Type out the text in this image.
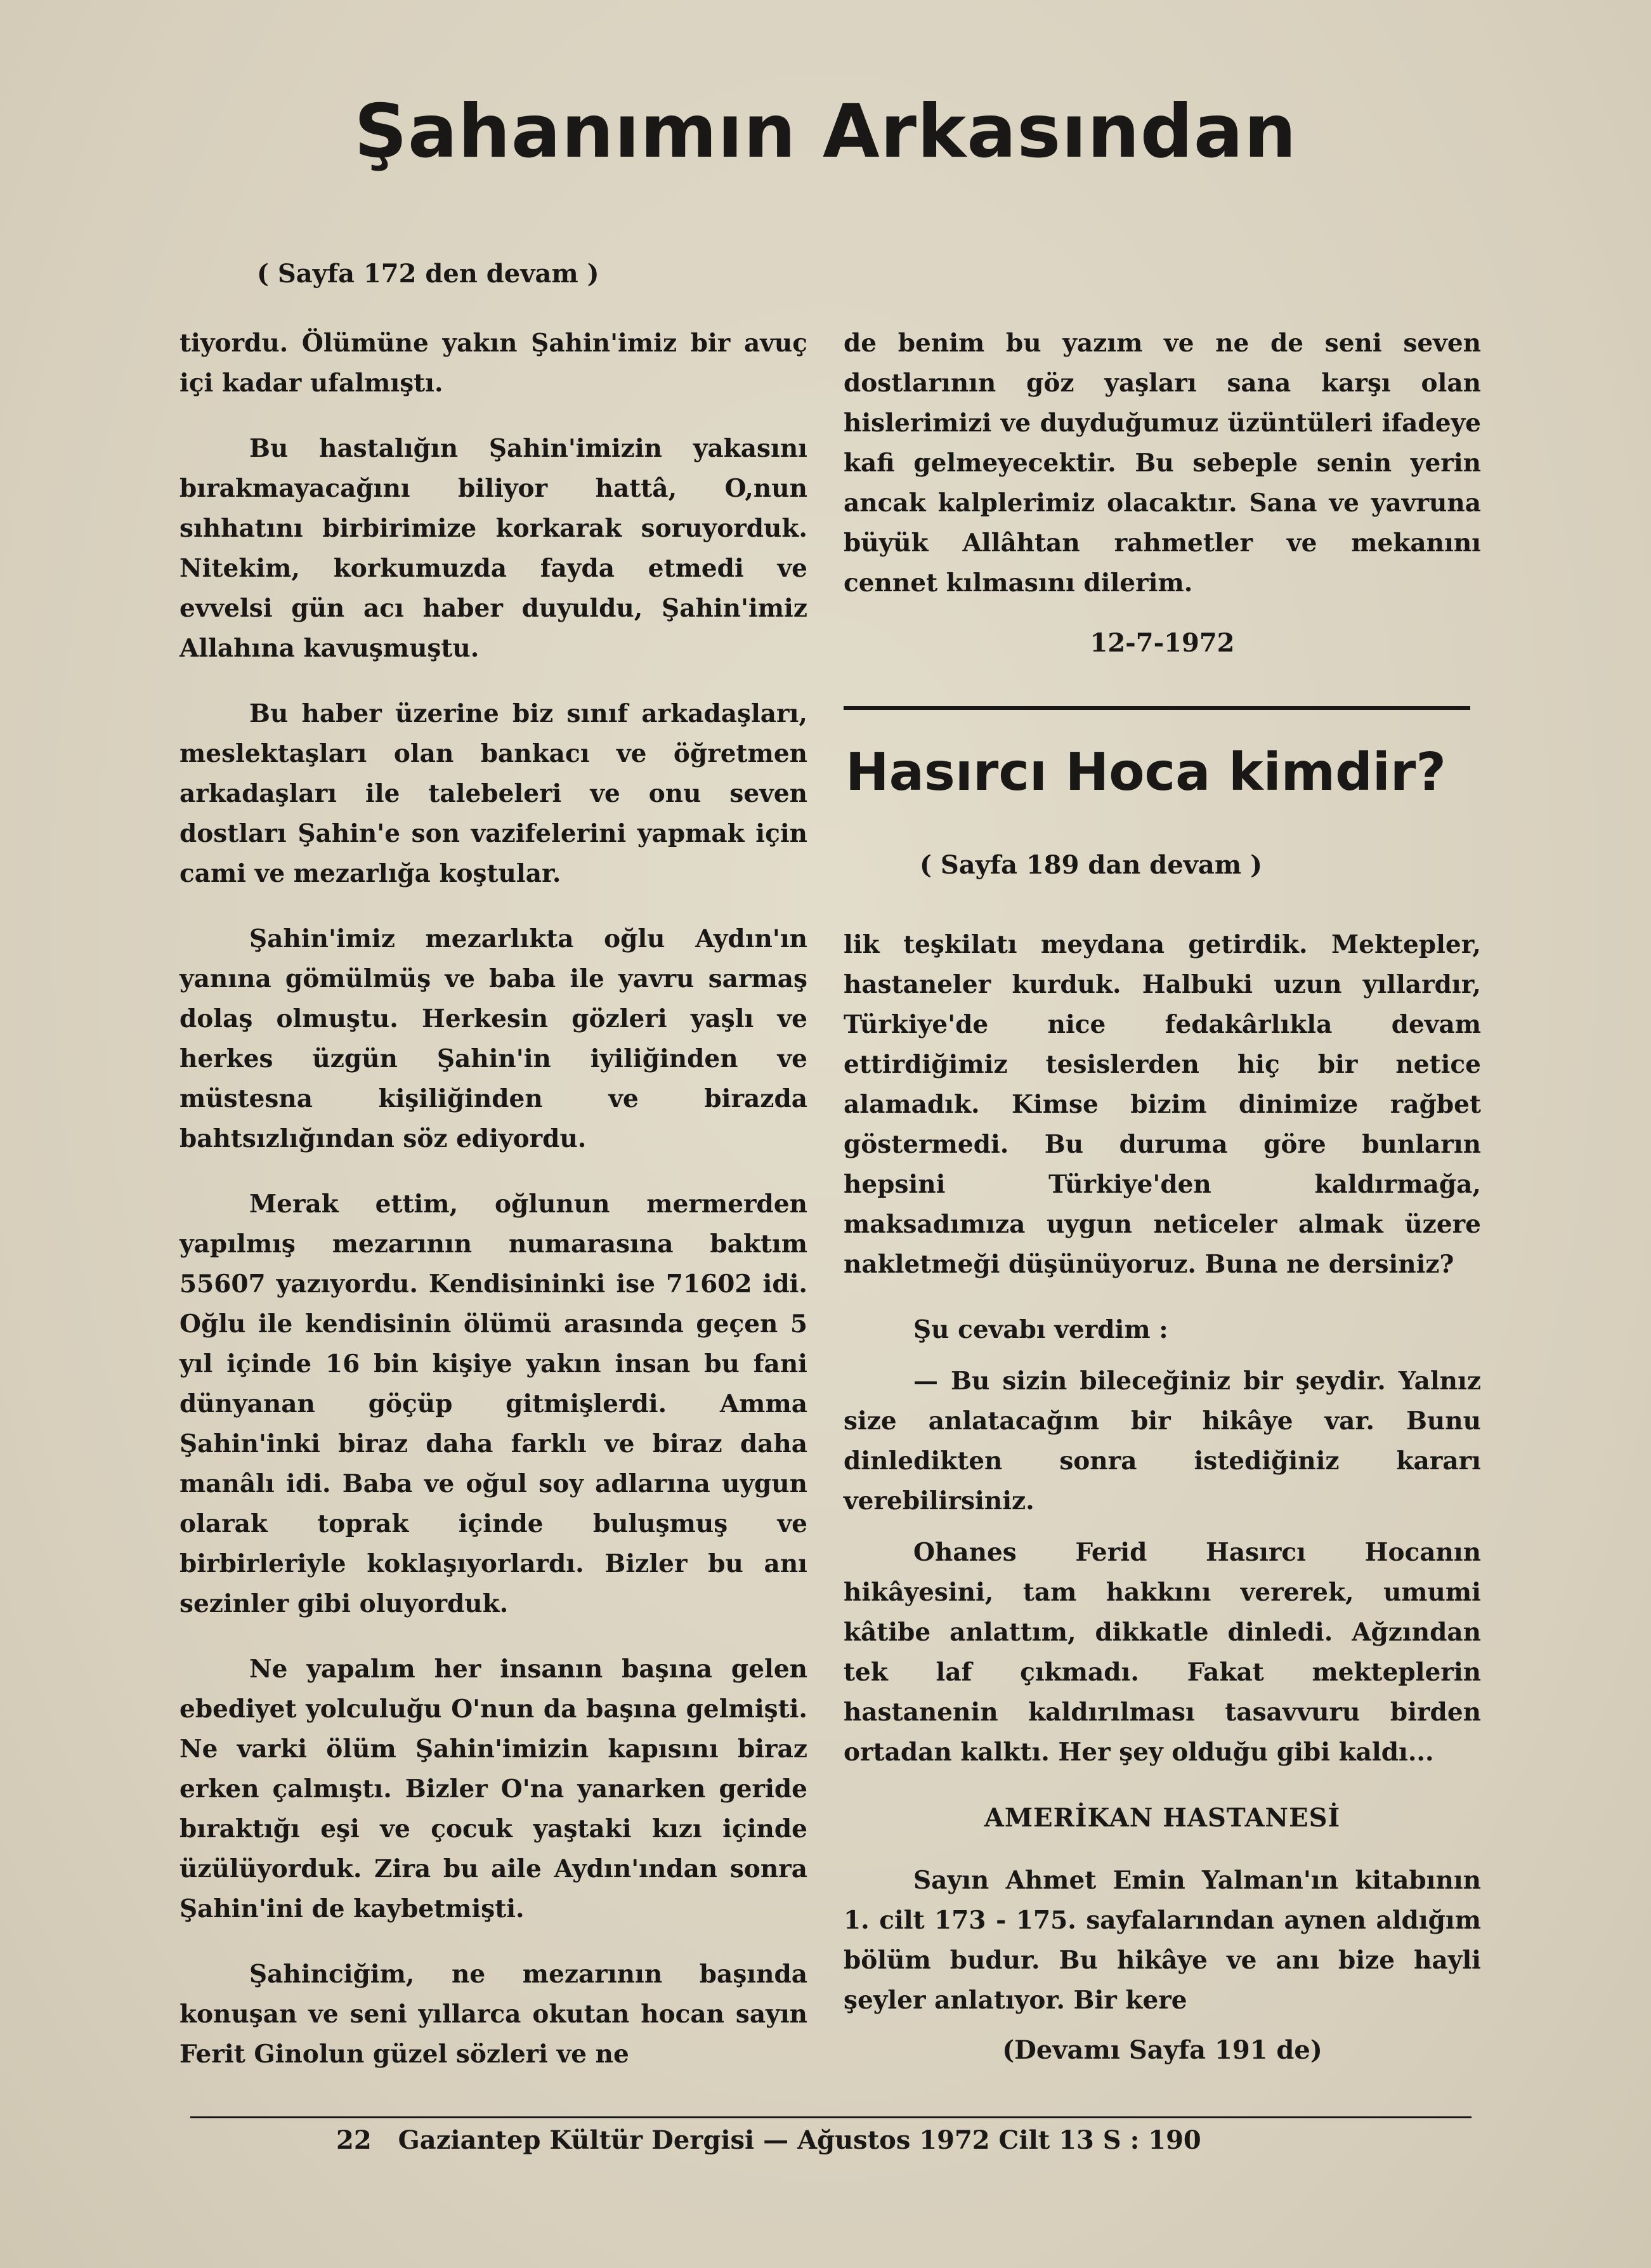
Şahanımın Arkasından
( Sayfa 172 den devam )

tiyordu. Ölümüne yakın Şahin'imiz bir avuç içi kadar ufalmıştı.

Bu hastalığın Şahin'imizin yakasını bırakmayacağını biliyor hattâ, O,nun sıhhatını birbirimize korkarak soruyorduk. Nitekim, korkumuzda fayda etmedi ve evvelsi gün acı haber duyuldu, Şahin'imiz Allahına kavuşmuştu.

Bu haber üzerine biz sınıf arkadaşları, meslektaşları olan bankacı ve öğretmen arkadaşları ile talebeleri ve onu seven dostları Şahin'e son vazifelerini yapmak için cami ve mezarlığa koştular.

Şahin'imiz mezarlıkta oğlu Aydın'ın yanına gömülmüş ve baba ile yavru sarmaş dolaş olmuştu. Herkesin gözleri yaşlı ve herkes üzgün Şahin'in iyiliğinden ve müstesna kişiliğinden ve birazda bahtsızlığından söz ediyordu.

Merak ettim, oğlunun mermerden yapılmış mezarının numarasına baktım 55607 yazıyordu. Kendisininki ise 71602 idi. Oğlu ile kendisinin ölümü arasında geçen 5 yıl içinde 16 bin kişiye yakın insan bu fani dünyanan göçüp gitmişlerdi. Amma Şahin'inki biraz daha farklı ve biraz daha manâlı idi. Baba ve oğul soy adlarına uygun olarak toprak içinde buluşmuş ve birbirleriyle koklaşıyorlardı. Bizler bu anı sezinler gibi oluyorduk.

Ne yapalım her insanın başına gelen ebediyet yolculuğu O'nun da başına gelmişti. Ne varki ölüm Şahin'imizin kapısını biraz erken çalmıştı. Bizler O'na yanarken geride bıraktığı eşi ve çocuk yaştaki kızı içinde üzülüyorduk. Zira bu aile Aydın'ından sonra Şahin'ini de kaybetmişti.

Şahinciğim, ne mezarının başında konuşan ve seni yıllarca okutan hocan sayın Ferit Ginolun güzel sözleri ve ne

de benim bu yazım ve ne de seni seven dostlarının göz yaşları sana karşı olan hislerimizi ve duyduğumuz üzüntüleri ifadeye kafi gelmeyecektir. Bu sebeple senin yerin ancak kalplerimiz olacaktır. Sana ve yavruna büyük Allâhtan rahmetler ve mekanını cennet kılmasını dilerim.

12-7-1972
Hasırcı Hoca kimdir?
( Sayfa 189 dan devam )

lik teşkilatı meydana getirdik. Mektepler, hastaneler kurduk. Halbuki uzun yıllardır, Türkiye'de nice fedakârlıkla devam ettirdiğimiz tesislerden hiç bir netice alamadık. Kimse bizim dinimize rağbet göstermedi. Bu duruma göre bunların hepsini Türkiye'den kaldırmağa, maksadımıza uygun neticeler almak üzere nakletmeği düşünüyoruz. Buna ne dersiniz?

Şu cevabı verdim :

— Bu sizin bileceğiniz bir şeydir. Yalnız size anlatacağım bir hikâye var. Bunu dinledikten sonra istediğiniz kararı verebilirsiniz.

Ohanes Ferid Hasırcı Hocanın hikâyesini, tam hakkını vererek, umumi kâtibe anlattım, dikkatle dinledi. Ağzından tek laf çıkmadı. Fakat mekteplerin hastanenin kaldırılması tasavvuru birden ortadan kalktı. Her şey olduğu gibi kaldı...

AMERİKAN HASTANESİ

Sayın Ahmet Emin Yalman'ın kitabının 1. cilt 173 - 175. sayfalarından aynen aldığım bölüm budur. Bu hikâye ve anı bize hayli şeyler anlatıyor. Bir kere

(Devamı Sayfa 191 de)
22 Gaziantep Kültür Dergisi — Ağustos 1972 Cilt 13 S : 190
